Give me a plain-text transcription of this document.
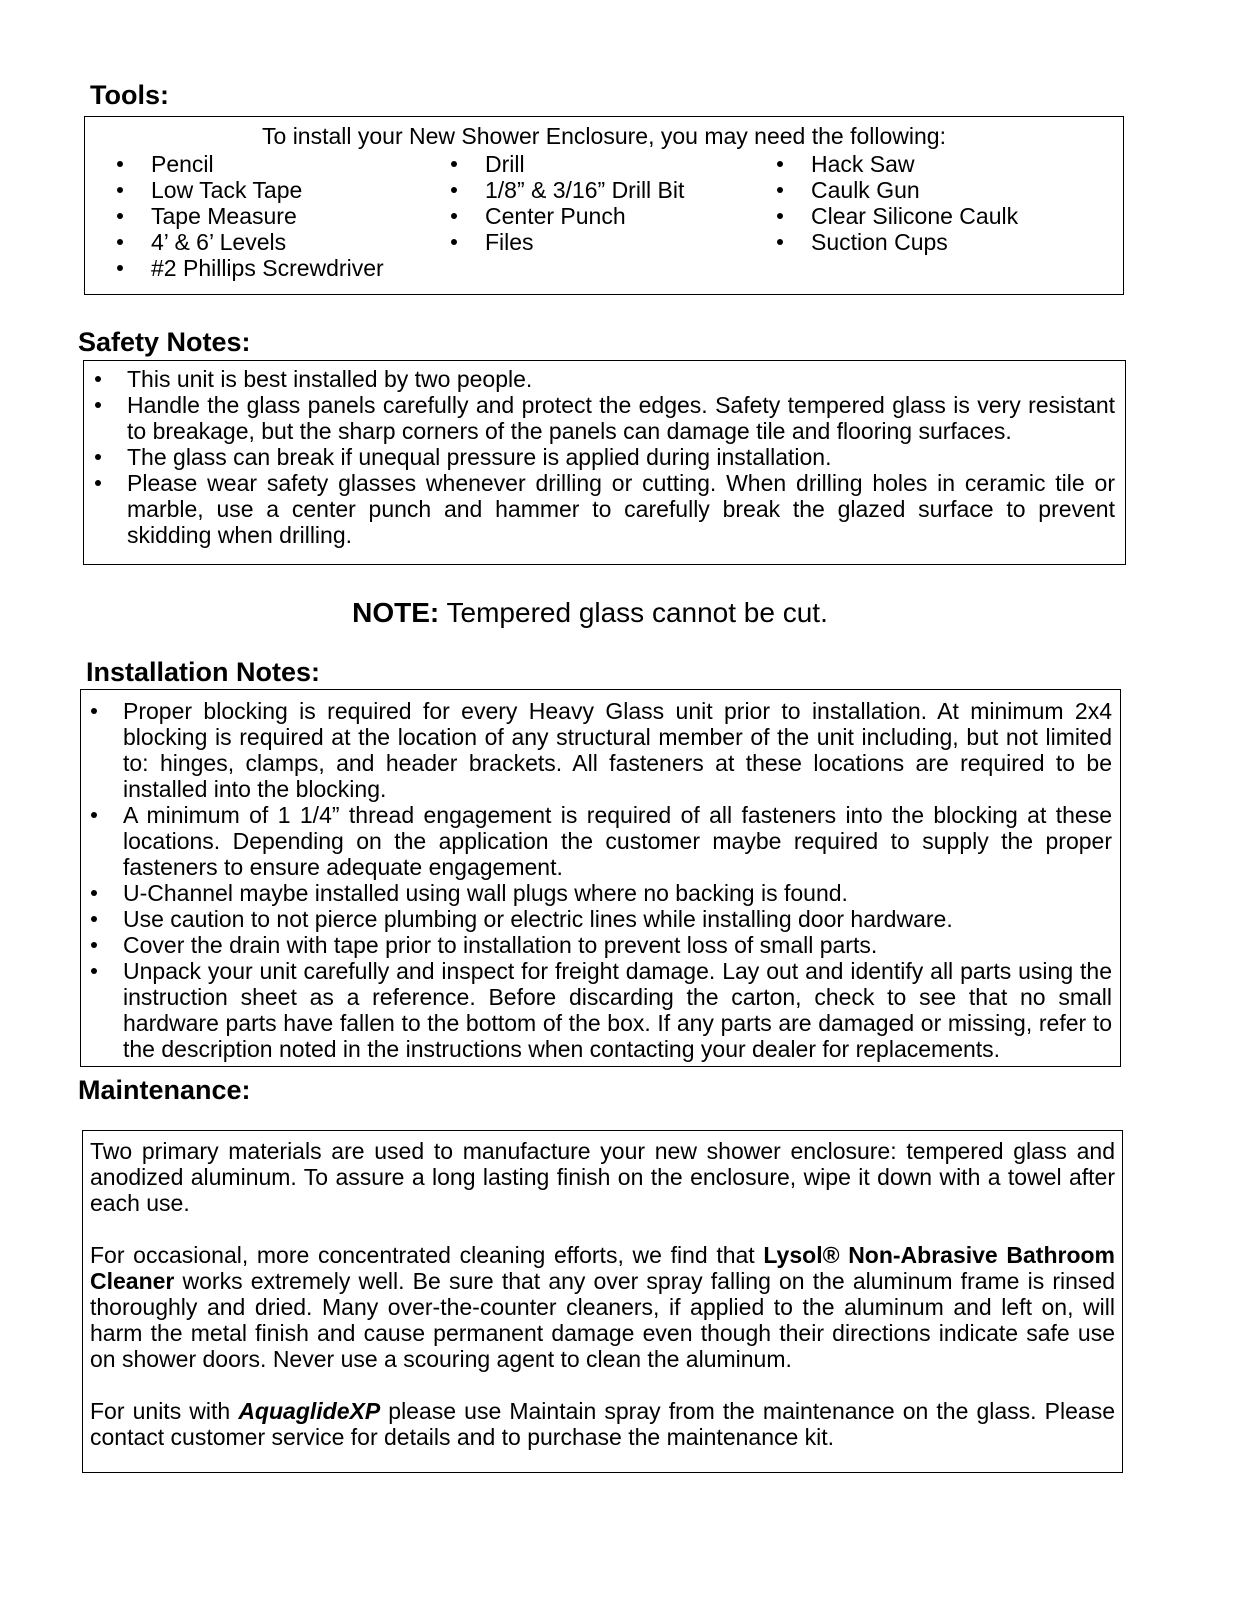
Tools:
To install your New Shower Enclosure, you may need the following:
Pencil
Low Tack Tape
Tape Measure
4’ & 6’ Levels
#2 Phillips Screwdriver
Drill
1/8” & 3/16” Drill Bit
Center Punch
Files
Hack Saw
Caulk Gun
Clear Silicone Caulk
Suction Cups
Safety Notes:
This unit is best installed by two people.
Handle the glass panels carefully and protect the edges. Safety tempered glass is very resistant to breakage, but the sharp corners of the panels can damage tile and flooring surfaces.
The glass can break if unequal pressure is applied during installation.
Please wear safety glasses whenever drilling or cutting. When drilling holes in ceramic tile or marble, use a center punch and hammer to carefully break the glazed surface to prevent skidding when drilling.
NOTE: Tempered glass cannot be cut.
Installation Notes:
Proper blocking is required for every Heavy Glass unit prior to installation. At minimum 2x4 blocking is required at the location of any structural member of the unit including, but not limited to: hinges, clamps, and header brackets. All fasteners at these locations are required to be installed into the blocking.
A minimum of 1 1/4” thread engagement is required of all fasteners into the blocking at these locations. Depending on the application the customer maybe required to supply the proper fasteners to ensure adequate engagement.
U-Channel maybe installed using wall plugs where no backing is found.
Use caution to not pierce plumbing or electric lines while installing door hardware.
Cover the drain with tape prior to installation to prevent loss of small parts.
Unpack your unit carefully and inspect for freight damage. Lay out and identify all parts using the instruction sheet as a reference. Before discarding the carton, check to see that no small hardware parts have fallen to the bottom of the box. If any parts are damaged or missing, refer to the description noted in the instructions when contacting your dealer for replacements.
Maintenance:

Two primary materials are used to manufacture your new shower enclosure: tempered glass and anodized aluminum. To assure a long lasting finish on the enclosure, wipe it down with a towel after each use.

For occasional, more concentrated cleaning efforts, we find that Lysol® Non-Abrasive Bathroom Cleaner works extremely well. Be sure that any over spray falling on the aluminum frame is rinsed thoroughly and dried. Many over-the-counter cleaners, if applied to the aluminum and left on, will harm the metal finish and cause permanent damage even though their directions indicate safe use on shower doors. Never use a scouring agent to clean the aluminum.

For units with AquaglideXP please use Maintain spray from the maintenance on the glass. Please contact customer service for details and to purchase the maintenance kit.
